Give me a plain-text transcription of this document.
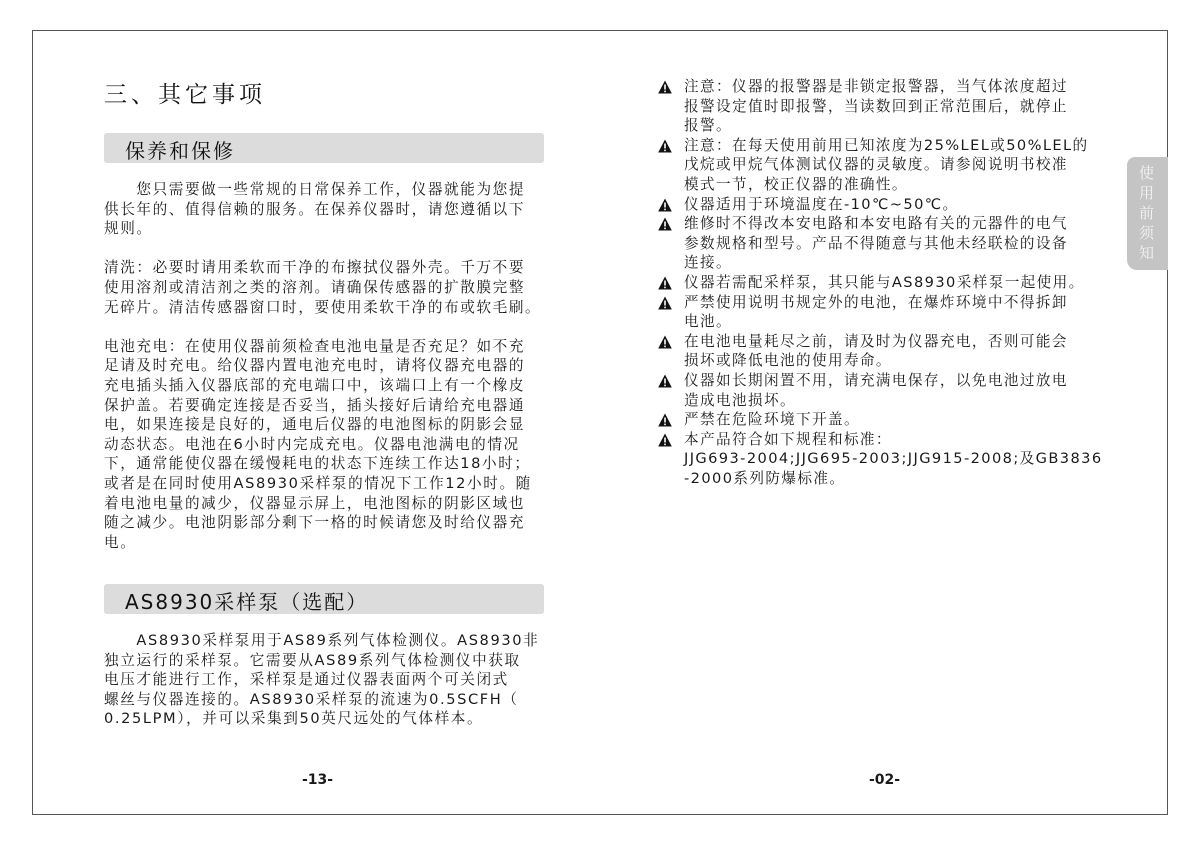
三、其它事项
保养和保修
　　您只需要做一些常规的日常保养工作，仪器就能为您提
供长年的、值得信赖的服务。在保养仪器时，请您遵循以下
规则。
清洗：必要时请用柔软而干净的布擦拭仪器外壳。千万不要
使用溶剂或清洁剂之类的溶剂。请确保传感器的扩散膜完整
无碎片。清洁传感器窗口时，要使用柔软干净的布或软毛刷。
电池充电：在使用仪器前须检查电池电量是否充足？如不充
足请及时充电。给仪器内置电池充电时，请将仪器充电器的
充电插头插入仪器底部的充电端口中，该端口上有一个橡皮
保护盖。若要确定连接是否妥当，插头接好后请给充电器通
电，如果连接是良好的，通电后仪器的电池图标的阴影会显
动态状态。电池在6小时内完成充电。仪器电池满电的情况
下，通常能使仪器在缓慢耗电的状态下连续工作达18小时；
或者是在同时使用AS8930采样泵的情况下工作12小时。随
着电池电量的减少，仪器显示屏上，电池图标的阴影区域也
随之减少。电池阴影部分剩下一格的时候请您及时给仪器充
电。
AS8930采样泵（选配）
　　AS8930采样泵用于AS89系列气体检测仪。AS8930非
独立运行的采样泵。它需要从AS89系列气体检测仪中获取
电压才能进行工作，采样泵是通过仪器表面两个可关闭式
螺丝与仪器连接的。AS8930采样泵的流速为0.5SCFH（
0.25LPM），并可以采集到50英尺远处的气体样本。
-13-
注意：仪器的报警器是非锁定报警器，当气体浓度超过
报警设定值时即报警，当读数回到正常范围后，就停止
报警。
注意：在每天使用前用已知浓度为25%LEL或50%LEL的
戊烷或甲烷气体测试仪器的灵敏度。请参阅说明书校准
模式一节，校正仪器的准确性。
仪器适用于环境温度在-10℃~50℃。
维修时不得改本安电路和本安电路有关的元器件的电气
参数规格和型号。产品不得随意与其他未经联检的设备
连接。
仪器若需配采样泵，其只能与AS8930采样泵一起使用。
严禁使用说明书规定外的电池，在爆炸环境中不得拆卸
电池。
在电池电量耗尽之前，请及时为仪器充电，否则可能会
损坏或降低电池的使用寿命。
仪器如长期闲置不用，请充满电保存，以免电池过放电
造成电池损坏。
严禁在危险环境下开盖。
本产品符合如下规程和标准：
JJG693-2004;JJG695-2003;JJG915-2008;及GB3836
-2000系列防爆标准。
-02-
使用前须知
